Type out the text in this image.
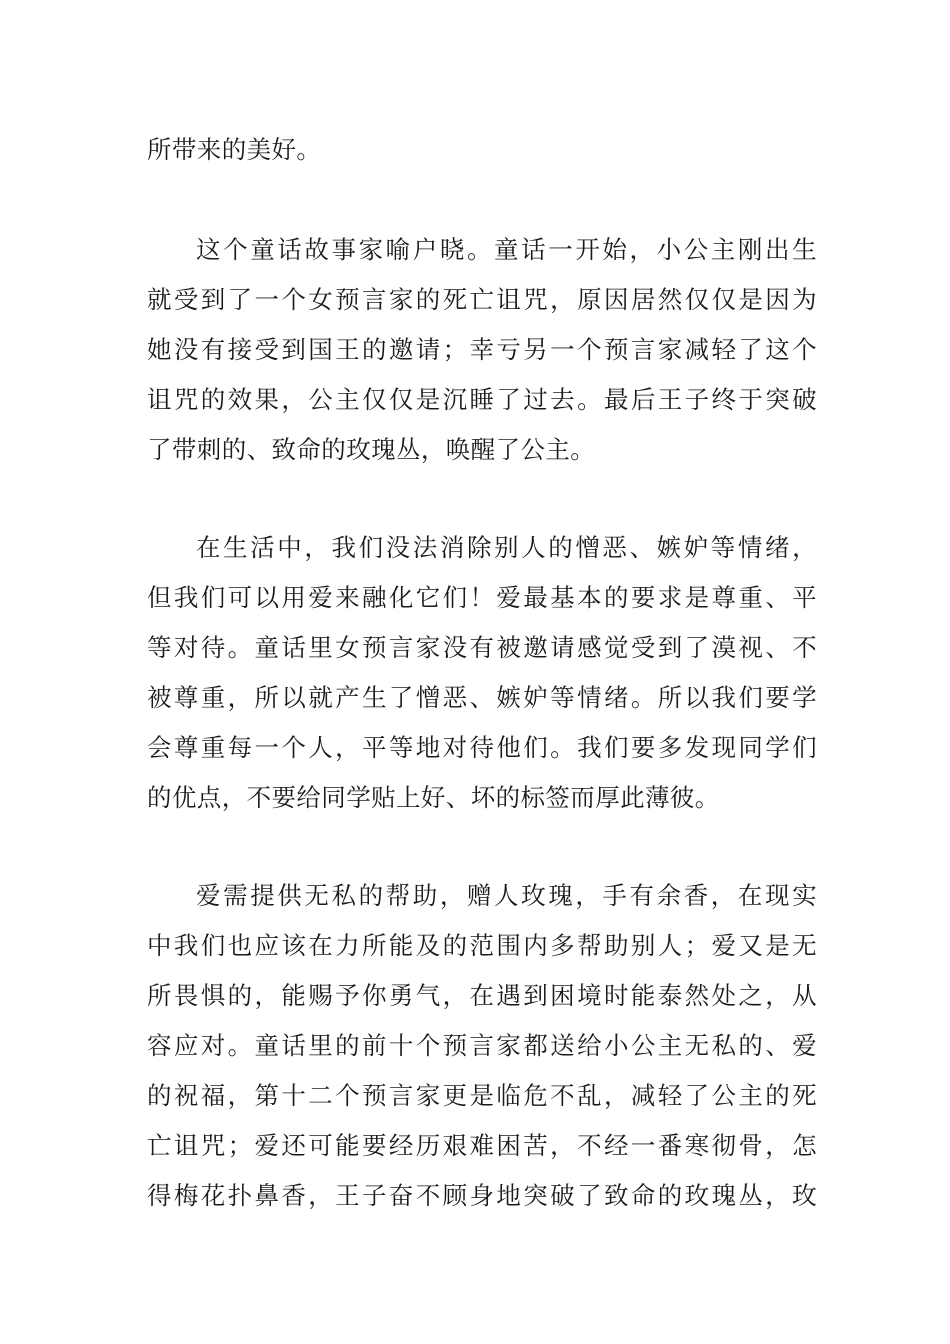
所带来的美好。
这个童话故事家喻户晓。童话一开始，小公主刚出生
就受到了一个女预言家的死亡诅咒，原因居然仅仅是因为
她没有接受到国王的邀请；幸亏另一个预言家减轻了这个
诅咒的效果，公主仅仅是沉睡了过去。最后王子终于突破
了带刺的、致命的玫瑰丛，唤醒了公主。
在生活中，我们没法消除别人的憎恶、嫉妒等情绪，
但我们可以用爱来融化它们！爱最基本的要求是尊重、平
等对待。童话里女预言家没有被邀请感觉受到了漠视、不
被尊重，所以就产生了憎恶、嫉妒等情绪。所以我们要学
会尊重每一个人，平等地对待他们。我们要多发现同学们
的优点，不要给同学贴上好、坏的标签而厚此薄彼。
爱需提供无私的帮助，赠人玫瑰，手有余香，在现实
中我们也应该在力所能及的范围内多帮助别人；爱又是无
所畏惧的，能赐予你勇气，在遇到困境时能泰然处之，从
容应对。童话里的前十个预言家都送给小公主无私的、爱
的祝福，第十二个预言家更是临危不乱，减轻了公主的死
亡诅咒；爱还可能要经历艰难困苦，不经一番寒彻骨，怎
得梅花扑鼻香，王子奋不顾身地突破了致命的玫瑰丛，玫
